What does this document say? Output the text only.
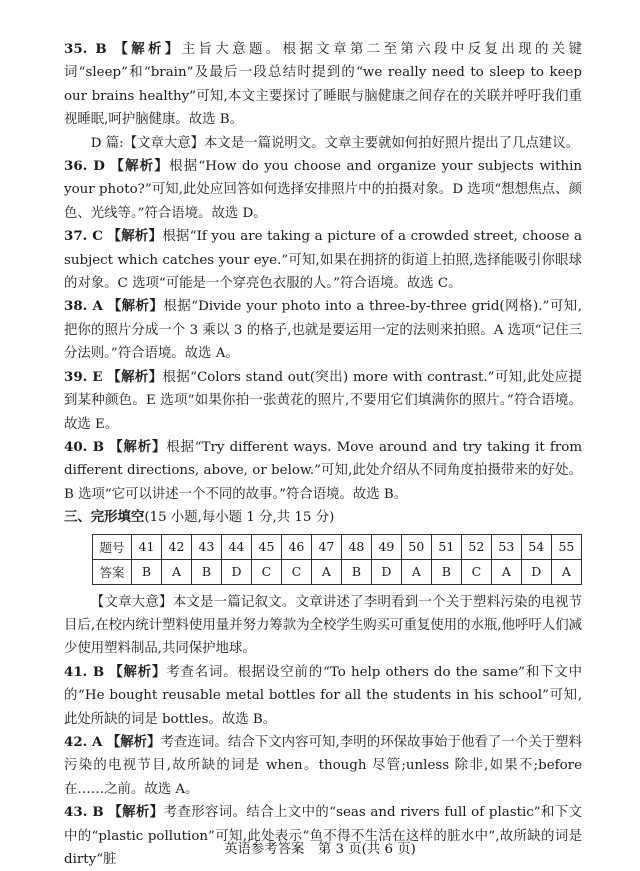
35. B 【解析】主旨大意题。根据文章第二至第六段中反复出现的关键词“sleep”和“brain”及最后一段总结时提到的“we really need to sleep to keep our brains healthy”可知,本文主要探讨了睡眠与脑健康之间存在的关联并呼吁我们重视睡眠,呵护脑健康。故选 B。

D 篇:【文章大意】本文是一篇说明文。文章主要就如何拍好照片提出了几点建议。

36. D 【解析】根据“How do you choose and organize your subjects within your photo?”可知,此处应回答如何选择安排照片中的拍摄对象。D 选项“想想焦点、颜色、光线等。”符合语境。故选 D。

37. C 【解析】根据“If you are taking a picture of a crowded street, choose a subject which catches your eye.”可知,如果在拥挤的街道上拍照,选择能吸引你眼球的对象。C 选项“可能是一个穿亮色衣服的人。”符合语境。故选 C。

38. A 【解析】根据“Divide your photo into a three-by-three grid(网格).”可知,把你的照片分成一个 3 乘以 3 的格子,也就是要运用一定的法则来拍照。A 选项“记住三分法则。”符合语境。故选 A。

39. E 【解析】根据“Colors stand out(突出) more with contrast.”可知,此处应提到某种颜色。E 选项“如果你拍一张黄花的照片,不要用它们填满你的照片。”符合语境。故选 E。

40. B 【解析】根据“Try different ways. Move around and try taking it from different directions, above, or below.”可知,此处介绍从不同角度拍摄带来的好处。B 选项“它可以讲述一个不同的故事。”符合语境。故选 B。

三、完形填空(15 小题,每小题 1 分,共 15 分)

题号	41	42	43	44	45	46	47	48	49	50	51	52	53	54	55
答案	B	A	B	D	C	C	A	B	D	A	B	C	A	D	A

【文章大意】本文是一篇记叙文。文章讲述了李明看到一个关于塑料污染的电视节目后,在校内统计塑料使用量并努力筹款为全校学生购买可重复使用的水瓶,他呼吁人们减少使用塑料制品,共同保护地球。

41. B 【解析】考查名词。根据设空前的“To help others do the same”和下文中的“He bought reusable metal bottles for all the students in his school”可知,此处所缺的词是 bottles。故选 B。

42. A 【解析】考查连词。结合下文内容可知,李明的环保故事始于他看了一个关于塑料污染的电视节目,故所缺的词是 when。though 尽管;unless 除非,如果不;before 在……之前。故选 A。

43. B 【解析】考查形容词。结合上文中的“seas and rivers full of plastic”和下文中的“plastic pollution”可知,此处表示“鱼不得不生活在这样的脏水中”,故所缺的词是 dirty“脏

英语参考答案　第 3 页(共 6 页)
